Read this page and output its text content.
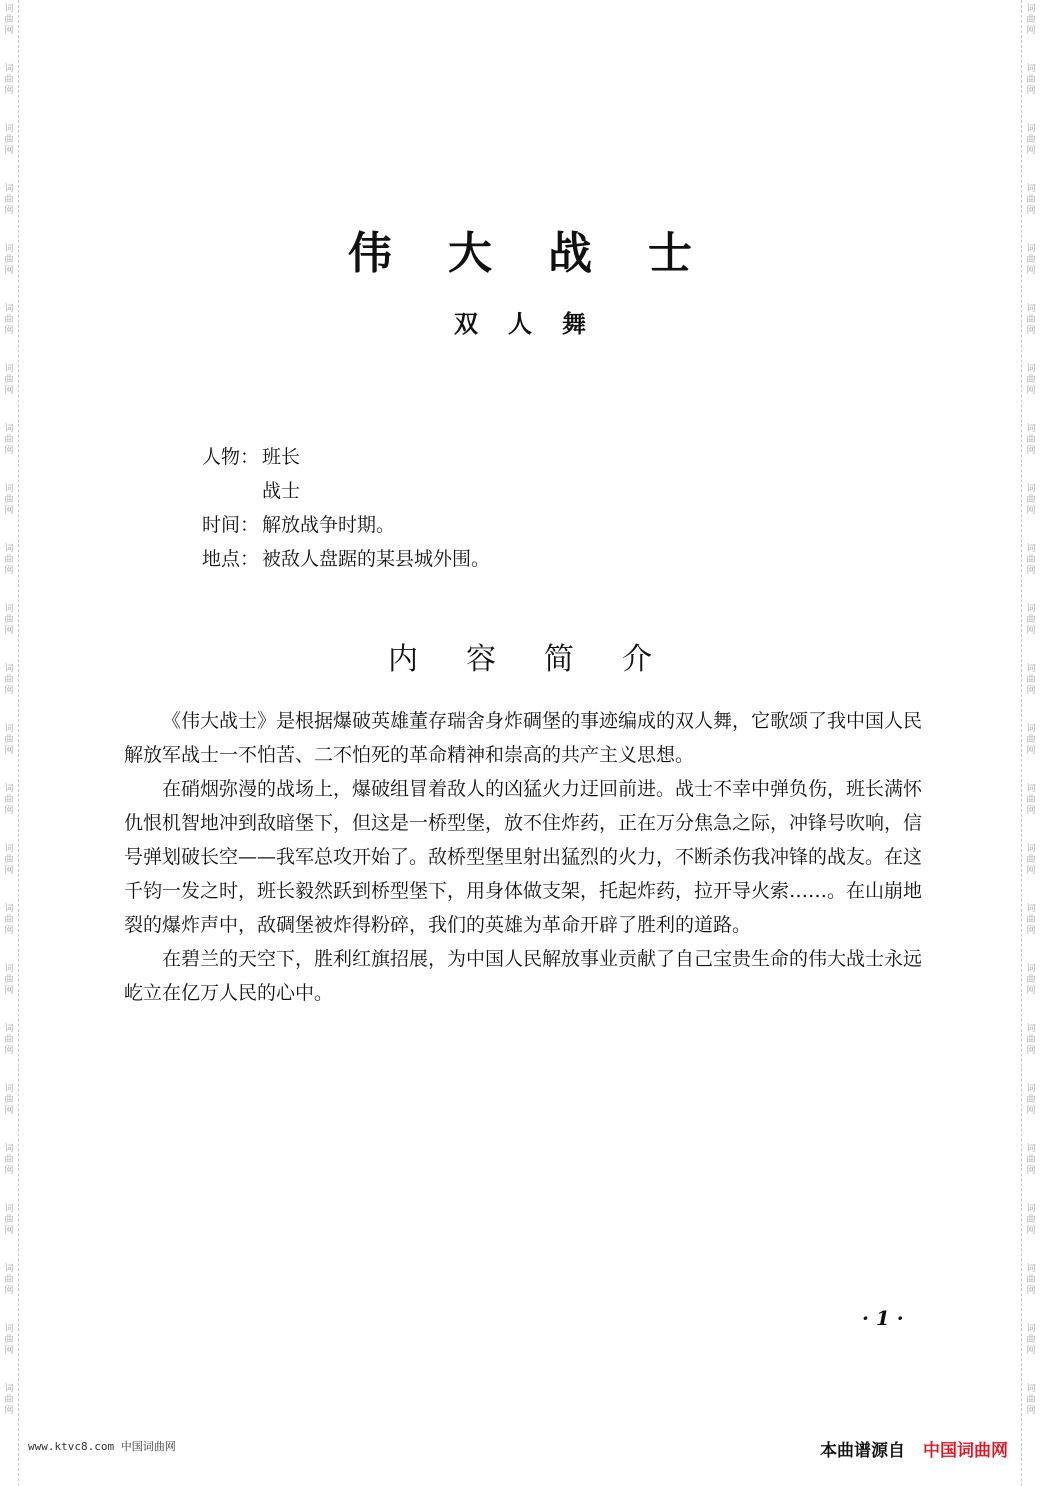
词
曲
网
词
曲
网
词
曲
网
词
曲
网
词
曲
网
词
曲
网
词
曲
网
词
曲
网
词
曲
网
词
曲
网
词
曲
网
词
曲
网
词
曲
网
词
曲
网
词
曲
网
词
曲
网
词
曲
网
词
曲
网
词
曲
网
词
曲
网
词
曲
网
词
曲
网
词
曲
网
词
曲
网
词
曲
网
词
曲
网
词
曲
网
词
曲
网
词
曲
网
词
曲
网
词
曲
网
词
曲
网
词
曲
网
词
曲
网
词
曲
网
词
曲
网
词
曲
网
词
曲
网
词
曲
网
词
曲
网
词
曲
网
词
曲
网
词
曲
网
词
曲
网
词
曲
网
词
曲
网
词
曲
网
词
曲
网
伟大战士
双人舞
人物： 班长
战士
时间： 解放战争时期。
地点： 被敌人盘踞的某县城外围。
内容简介

《伟大战士》是根据爆破英雄董存瑞舍身炸碉堡的事迹编成的双人舞，它歌颂了我中国人民解放军战士一不怕苦、二不怕死的革命精神和崇高的共产主义思想。

在硝烟弥漫的战场上，爆破组冒着敌人的凶猛火力迂回前进。战士不幸中弹负伤，班长满怀仇恨机智地冲到敌暗堡下，但这是一桥型堡，放不住炸药，正在万分焦急之际，冲锋号吹响，信号弹划破长空——我军总攻开始了。敌桥型堡里射出猛烈的火力，不断杀伤我冲锋的战友。在这千钧一发之时，班长毅然跃到桥型堡下，用身体做支架，托起炸药，拉开导火索……。在山崩地裂的爆炸声中，敌碉堡被炸得粉碎，我们的英雄为革命开辟了胜利的道路。

在碧兰的天空下，胜利红旗招展，为中国人民解放事业贡献了自己宝贵生命的伟大战士永远屹立在亿万人民的心中。

· 1 ·
www.ktvc8.com 中国词曲网	本曲谱源自 中国词曲网
